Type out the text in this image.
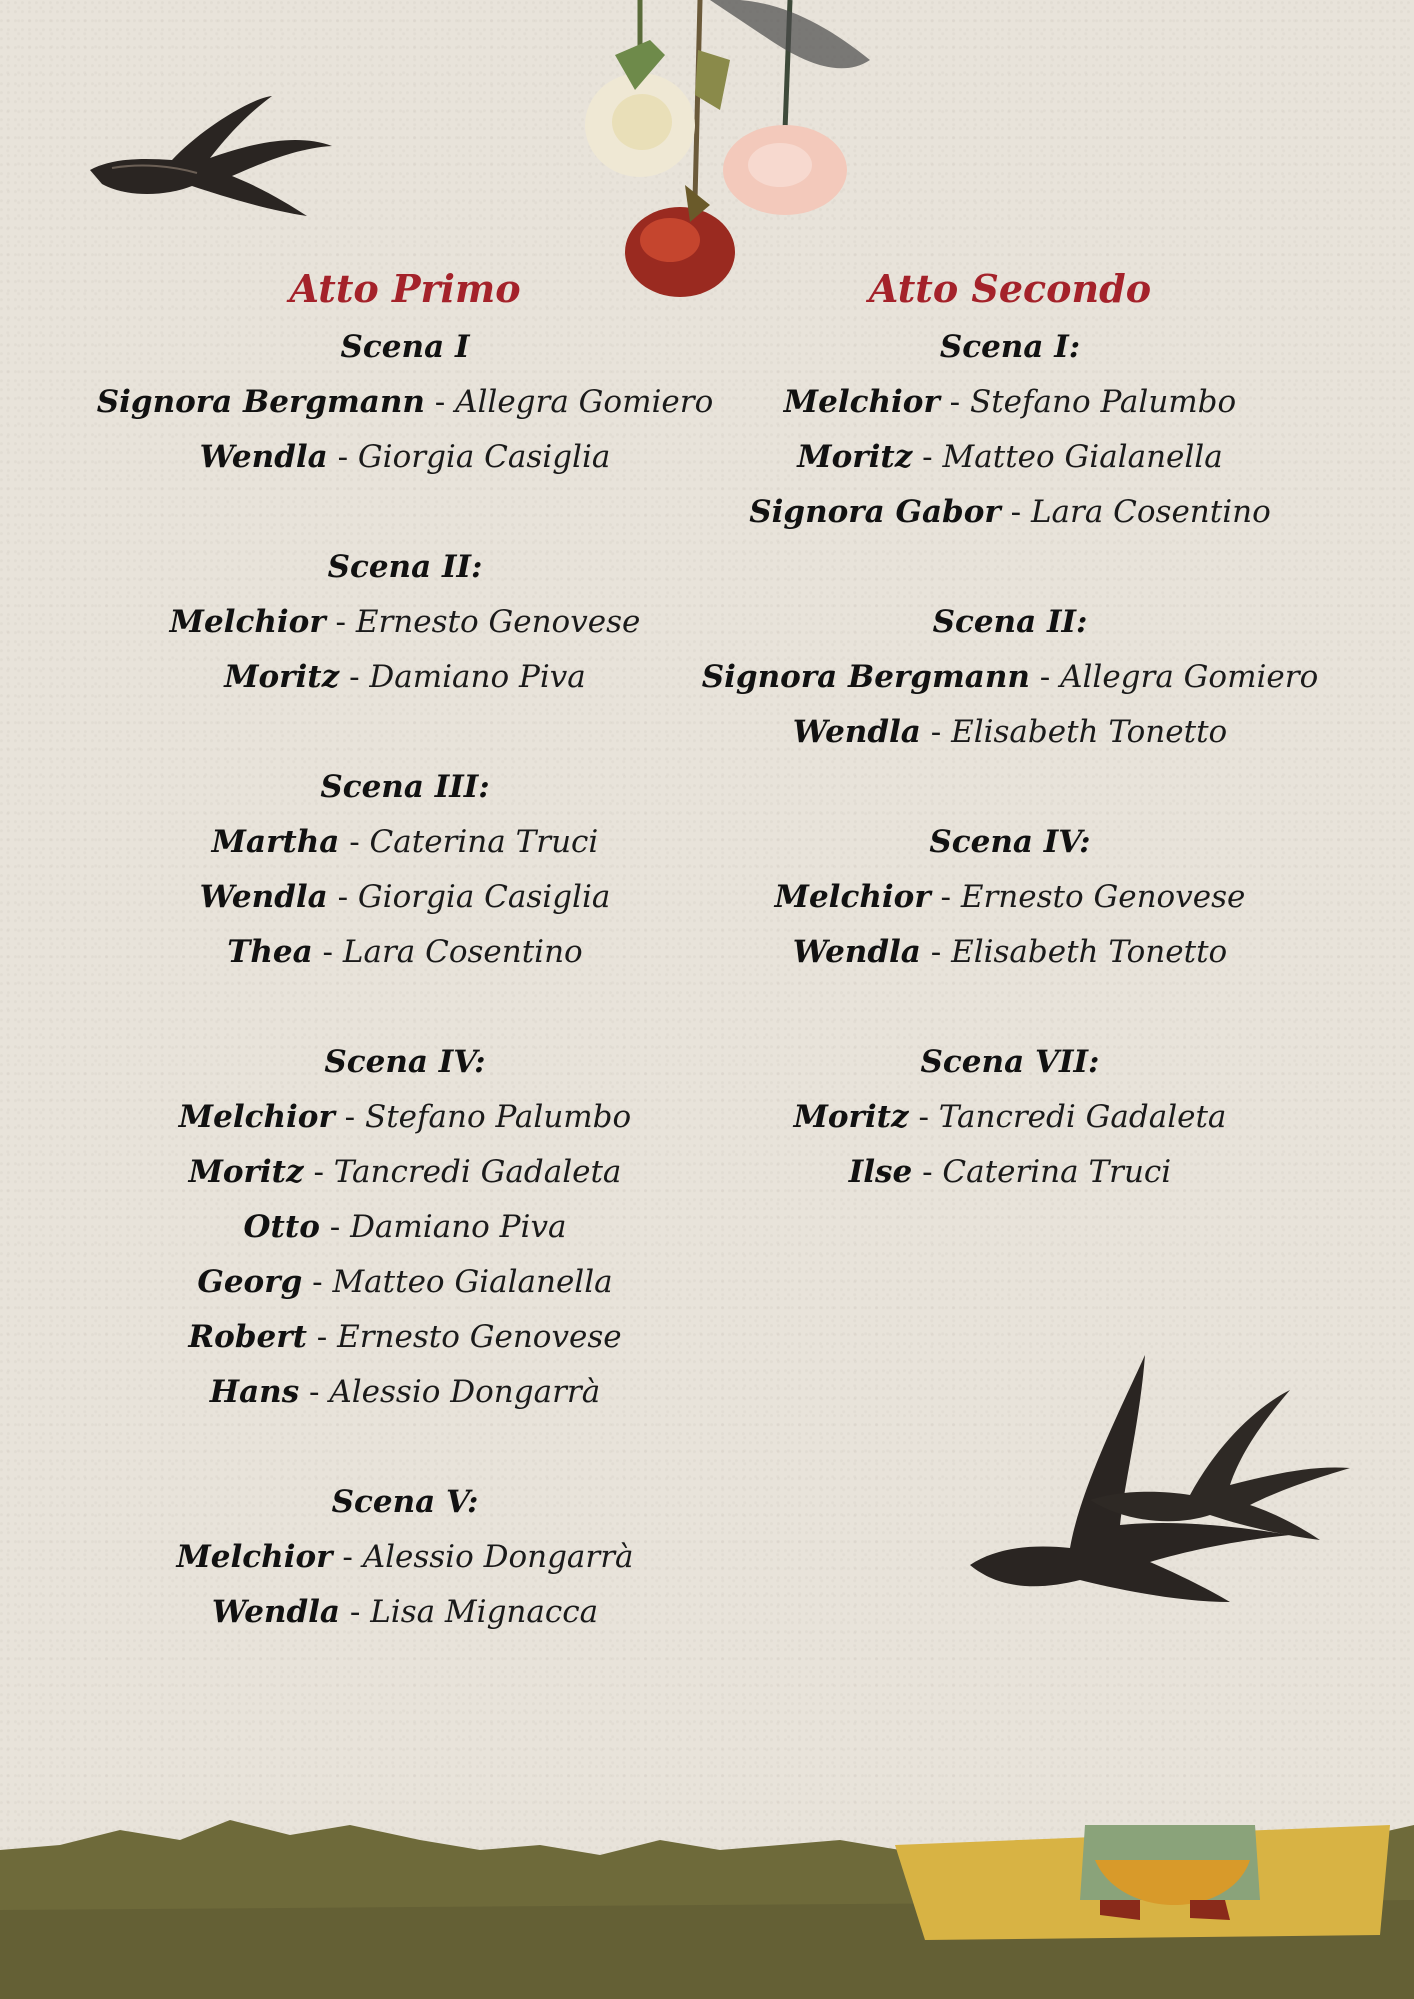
Atto Primo

Scena I

Signora Bergmann - Allegra Gomiero

Wendla - Giorgia Casiglia

Scena II:

Melchior - Ernesto Genovese

Moritz - Damiano Piva

Scena III:

Martha - Caterina Truci

Wendla - Giorgia Casiglia

Thea - Lara Cosentino

Scena IV:

Melchior - Stefano Palumbo

Moritz - Tancredi Gadaleta

Otto - Damiano Piva

Georg - Matteo Gialanella

Robert - Ernesto Genovese

Hans - Alessio Dongarrà

Scena V:

Melchior - Alessio Dongarrà

Wendla - Lisa Mignacca

Atto Secondo

Scena I:

Melchior - Stefano Palumbo

Moritz - Matteo Gialanella

Signora Gabor - Lara Cosentino

Scena II:

Signora Bergmann - Allegra Gomiero

Wendla - Elisabeth Tonetto

Scena IV:

Melchior - Ernesto Genovese

Wendla - Elisabeth Tonetto

Scena VII:

Moritz - Tancredi Gadaleta

Ilse - Caterina Truci
